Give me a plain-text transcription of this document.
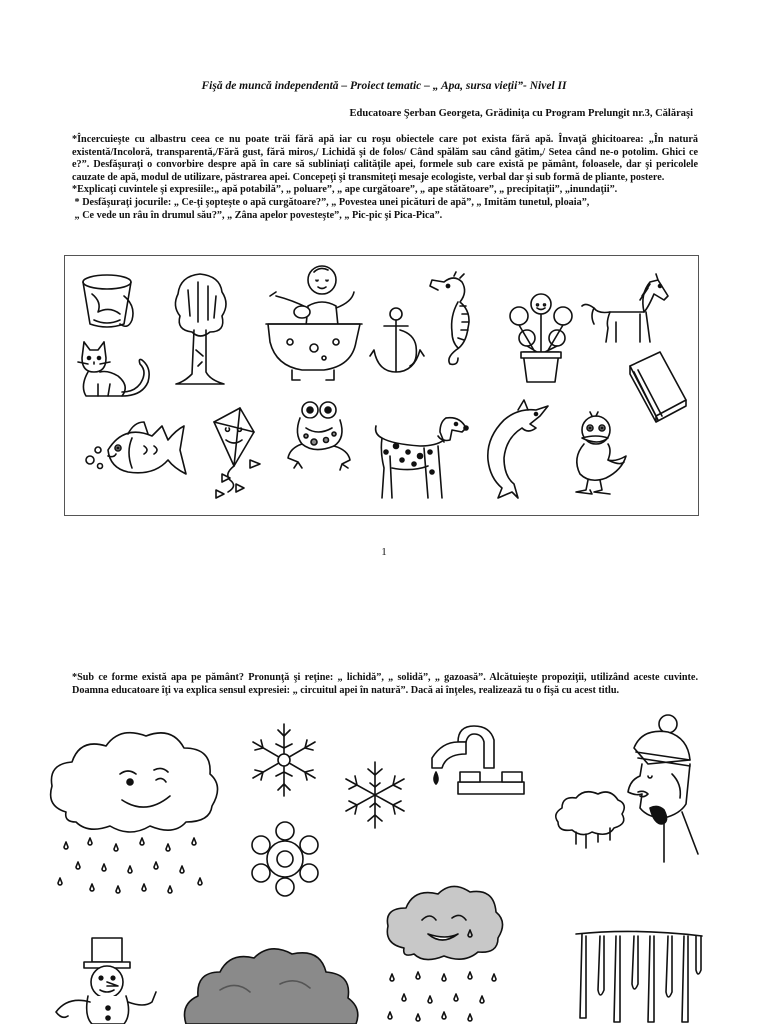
Fişă de muncă independentă – Proiect tematic – „ Apa, sursa vieţii”- Nivel II
Educatoare Şerban Georgeta, Grădiniţa cu Program Prelungit nr.3, Călăraşi

*Încercuieşte cu albastru ceea ce nu poate trăi fără apă iar cu roşu obiectele care pot exista fără apă. Învaţă ghicitoarea: „În natură existentă/Incoloră, transparentă,/Fără gust, fără miros,/ Lichidă şi de folos/ Când spălăm sau când gătim,/ Setea când ne-o potolim. Ghici ce e?”. Desfăşuraţi o convorbire despre apă în care să subliniaţi calităţile apei, formele sub care există pe pământ, foloasele, dar şi pericolele cauzate de apă, modul de utilizare, păstrarea apei. Concepeţi şi transmiteţi mesaje ecologiste, verbal dar şi sub formă de pliante, postere.

*Explicaţi cuvintele şi expresiile:„ apă potabilă”, „ poluare”, „ ape curgătoare”, „ ape stătătoare”, „ precipitaţii”, „inundaţii”.

* Desfăşuraţi jocurile: „ Ce-ţi şopteşte o apă curgătoare?”, „ Povestea unei picături de apă”, „ Imităm tunetul, ploaia”,

„ Ce vede un râu în drumul său?”, „ Zâna apelor povesteşte”, „ Pic-pic şi Pica-Pica”.

1
*Sub ce forme există apa pe pământ? Pronunţă şi reţine: „ lichidă”, „ solidă”, „ gazoasă”. Alcătuieşte propoziţii, utilizând aceste cuvinte. Doamna educatoare îţi va explica sensul expresiei: „ circuitul apei în natură”. Dacă ai înţeles, realizează tu o fişă cu acest titlu.
